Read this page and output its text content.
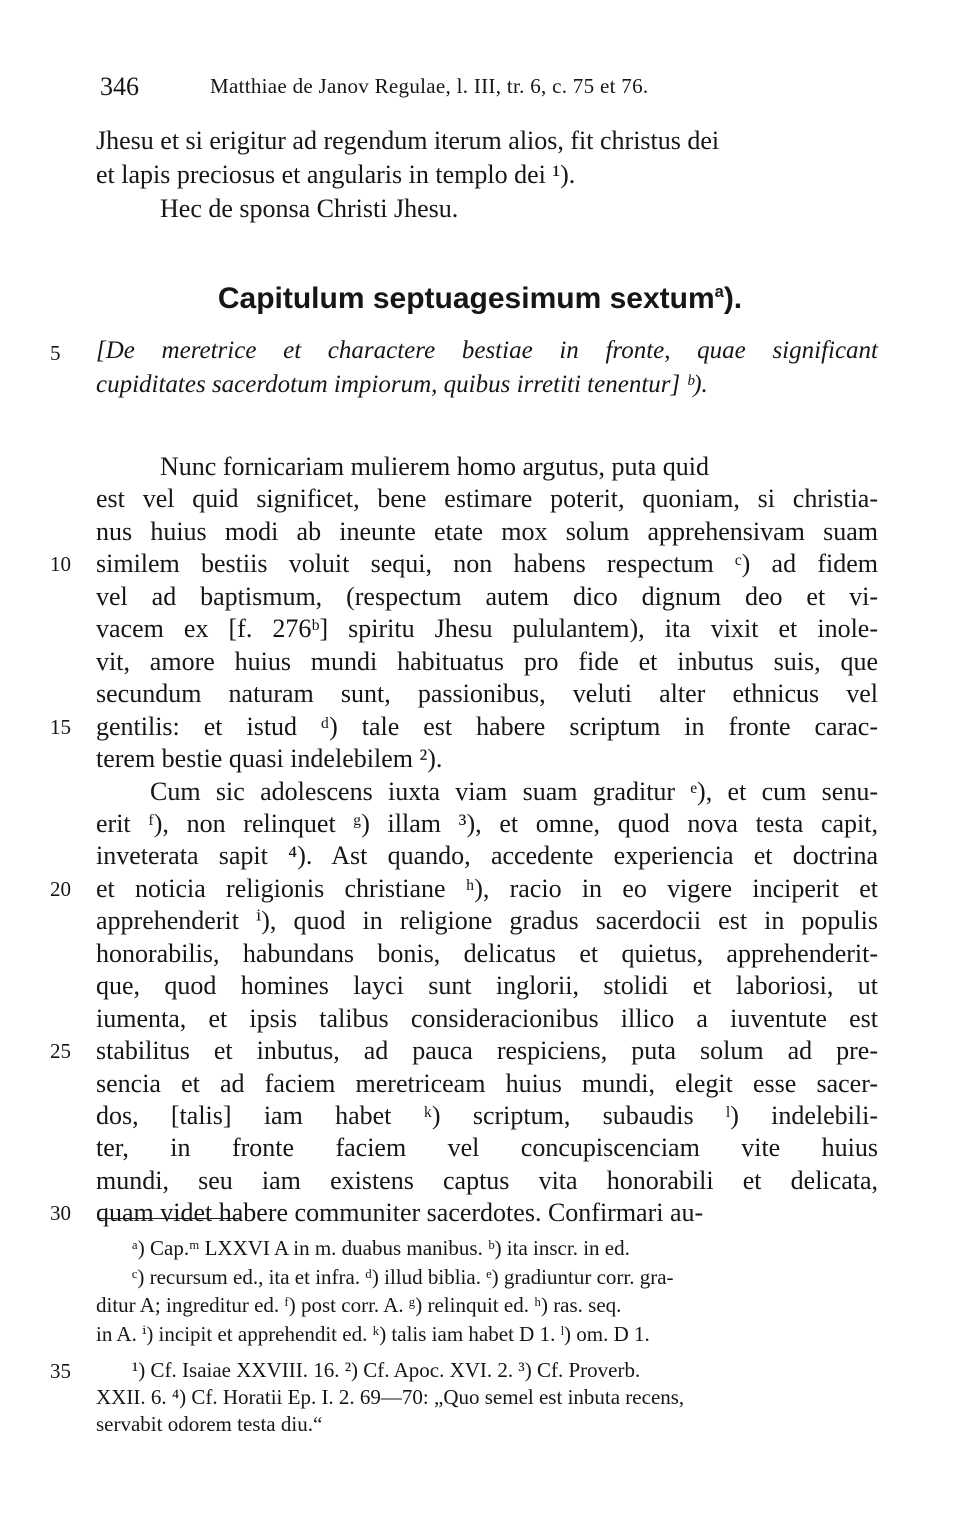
346	Matthiae de Janov Regulae, l. III, tr. 6, c. 75 et 76.
Jhesu et si erigitur ad regendum iterum alios, fit christus dei
et lapis preciosus et angularis in templo dei ¹).
Hec de sponsa Christi Jhesu.
Capitulum septuagesimum sextum$^a$).
5 [De meretrice et charactere bestiae in fronte, quae significant
cupiditates sacerdotum impiorum, quibus irretiti tenentur] ᵇ).
Nunc fornicariam mulierem homo argutus, puta quid
est vel quid significet, bene estimare poterit, quoniam, si christia-
nus huius modi ab ineunte etate mox solum apprehensivam suam
10 similem bestiis voluit sequi, non habens respectum ᶜ) ad fidem
vel ad baptismum, (respectum autem dico dignum deo et vi-
vacem ex [f. 276ᵇ] spiritu Jhesu pululantem), ita vixit et inole-
vit, amore huius mundi habituatus pro fide et inbutus suis, que
secundum naturam sunt, passionibus, veluti alter ethnicus vel
15 gentilis: et istud ᵈ) tale est habere scriptum in fronte carac-
terem bestie quasi indelebilem ²).
Cum sic adolescens iuxta viam suam graditur ᵉ), et cum senu-
erit ᶠ), non relinquet ᵍ) illam ³), et omne, quod nova testa capit,
inveterata sapit ⁴). Ast quando, accedente experiencia et doctrina
20 et noticia religionis christiane ʰ), racio in eo vigere inciperit et
apprehenderit ⁱ), quod in religione gradus sacerdocii est in populis
honorabilis, habundans bonis, delicatus et quietus, apprehenderit-
que, quod homines layci sunt inglorii, stolidi et laboriosi, ut
iumenta, et ipsis talibus consideracionibus illico a iuventute est
25 stabilitus et inbutus, ad pauca respiciens, puta solum ad pre-
sencia et ad faciem meretriceam huius mundi, elegit esse sacer-
dos, [talis] iam habet ᵏ) scriptum, subaudis ˡ) indelebili-
ter, in fronte faciem vel concupiscenciam vite huius
mundi, seu iam existens captus vita honorabili et delicata,
30 quam videt habere communiter sacerdotes. Confirmari au-
ᵃ) Cap.ᵐ LXXVI A in m. duabus manibus. ᵇ) ita inscr. in ed.
ᶜ) recursum ed., ita et infra. ᵈ) illud biblia. ᵉ) gradiuntur corr. gra-
ditur A; ingreditur ed. ᶠ) post corr. A. ᵍ) relinquit ed. ʰ) ras. seq.
in A. ⁱ) incipit et apprehendit ed. ᵏ) talis iam habet D 1. ˡ) om. D 1.
35	¹) Cf. Isaiae XXVIII. 16. ²) Cf. Apoc. XVI. 2. ³) Cf. Proverb.
XXII. 6. ⁴) Cf. Horatii Ep. I. 2. 69—70: „Quo semel est inbuta recens,
servabit odorem testa diu.“
